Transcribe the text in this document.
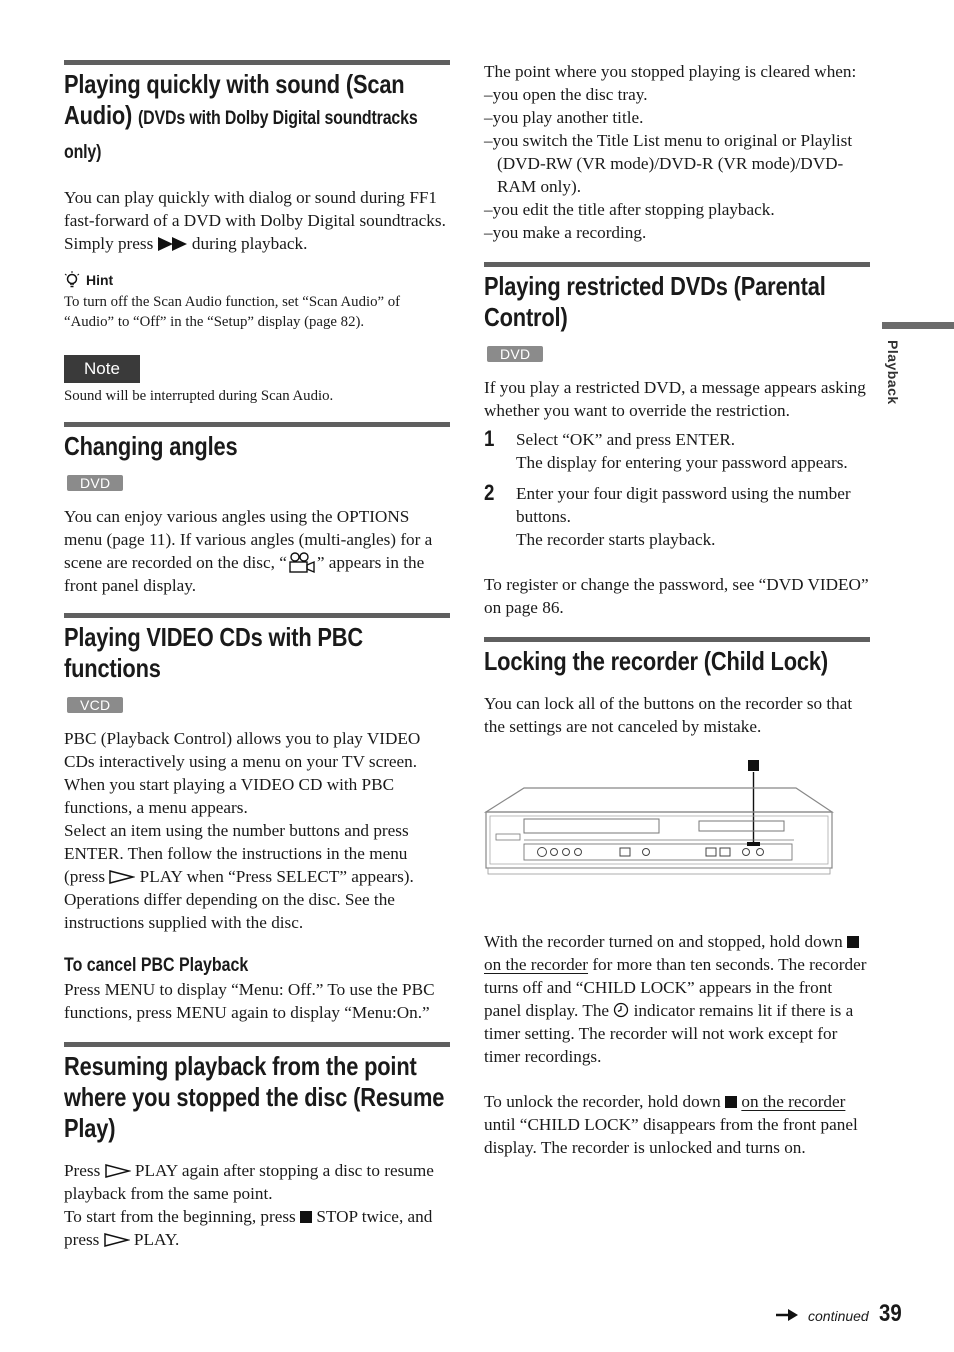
Playing quickly with sound (Scan Audio) (DVDs with Dolby Digital soundtracks only)

You can play quickly with dialog or sound during FF1 fast-forward of a DVD with Dolby Digital soundtracks. Simply press  during playback.

Hint

To turn off the Scan Audio function, set “Scan Audio” of “Audio” to “Off” in the “Setup” display (page 82).

Note

Sound will be interrupted during Scan Audio.

Changing angles
DVD

You can enjoy various angles using the OPTIONS menu (page 11). If various angles (multi-angles) for a scene are recorded on the disc, “ ” appears in the front panel display.

Playing VIDEO CDs with PBC functions
VCD

PBC (Playback Control) allows you to play VIDEO CDs interactively using a menu on your TV screen.

When you start playing a VIDEO CD with PBC functions, a menu appears.

Select an item using the number buttons and press ENTER. Then follow the instructions in the menu (press  PLAY when “Press SELECT” appears).

Operations differ depending on the disc. See the instructions supplied with the disc.

To cancel PBC Playback

Press MENU to display “Menu: Off.” To use the PBC functions, press MENU again to display “Menu:On.”

Resuming playback from the point where you stopped the disc (Resume Play)

Press  PLAY again after stopping a disc to resume playback from the same point.

To start from the beginning, press  STOP twice, and press  PLAY.

The point where you stopped playing is cleared when:

–you open the disc tray.

–you play another title.

–you switch the Title List menu to original or Playlist (DVD-RW (VR mode)/DVD-R (VR mode)/DVD-RAM only).

–you edit the title after stopping playback.

–you make a recording.

Playing restricted DVDs (Parental Control)
DVD

If you play a restricted DVD, a message appears asking whether you want to override the restriction.

1	Select “OK” and press ENTER.
The display for entering your password appears.
2	Enter your four digit password using the number buttons.
The recorder starts playback.

To register or change the password, see “DVD VIDEO” on page 86.

Locking the recorder (Child Lock)

You can lock all of the buttons on the recorder so that the settings are not canceled by mistake.

With the recorder turned on and stopped, hold down  on the recorder for more than ten seconds. The recorder turns off and “CHILD LOCK” appears in the front panel display. The  indicator remains lit if there is a timer setting. The recorder will not work except for timer recordings.

To unlock the recorder, hold down  on the recorder until “CHILD LOCK” disappears from the front panel display. The recorder is unlocked and turns on.

Playback
continued 39
